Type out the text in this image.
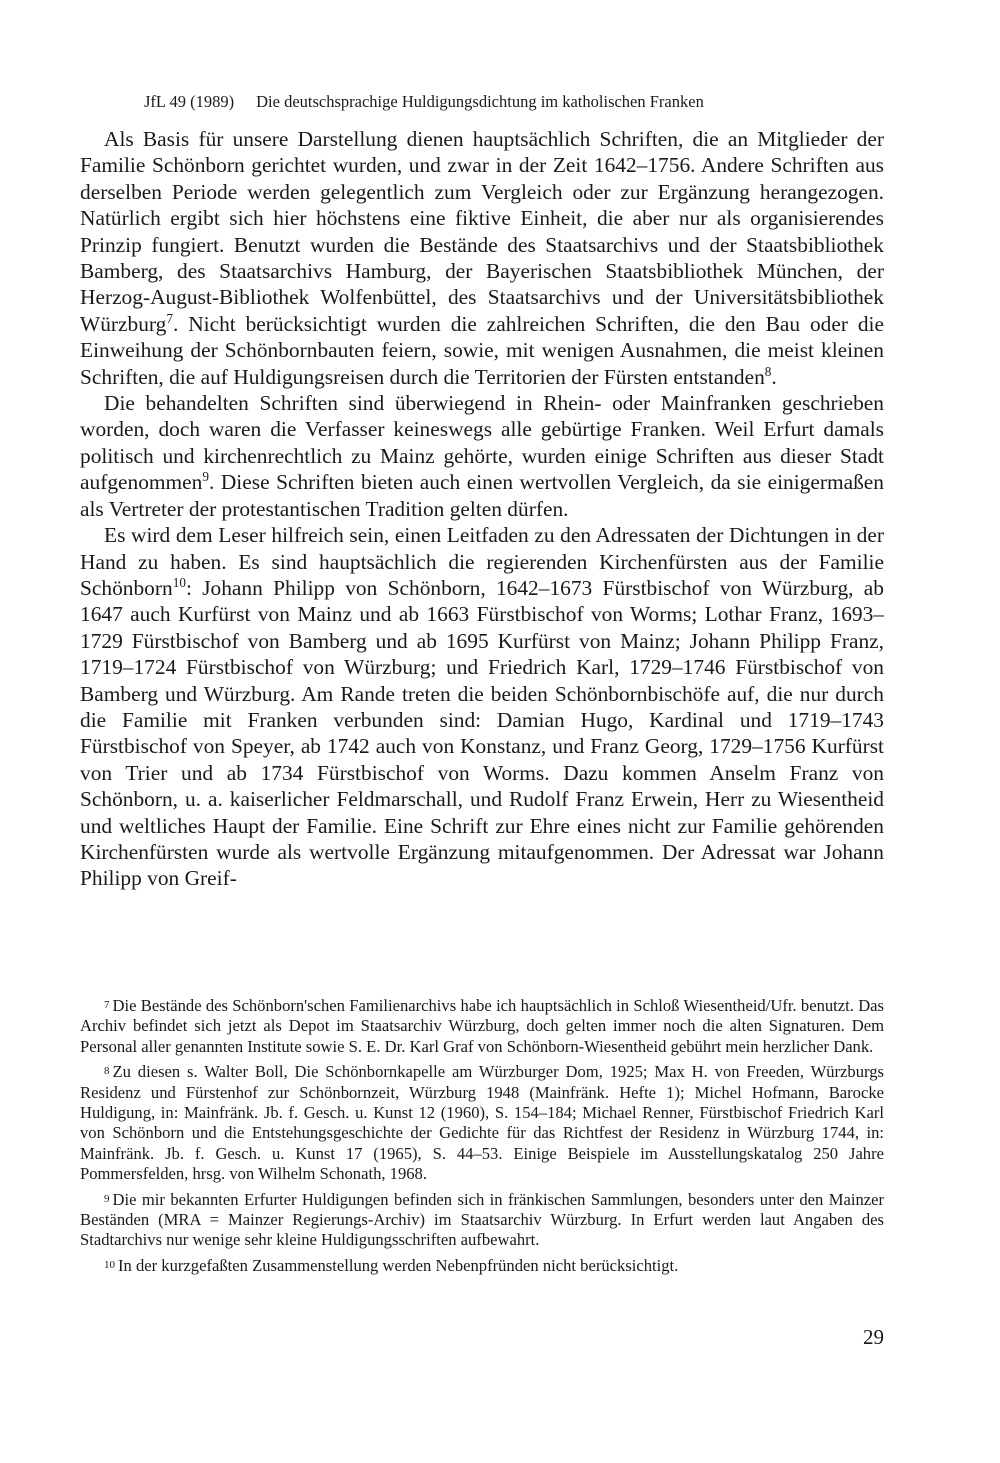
JfL 49 (1989) Die deutschsprachige Huldigungsdichtung im katholischen Franken

Als Basis für unsere Darstellung dienen hauptsächlich Schriften, die an Mitglieder der Familie Schönborn gerichtet wurden, und zwar in der Zeit 1642–1756. Andere Schriften aus derselben Periode werden gelegentlich zum Vergleich oder zur Ergänzung herangezogen. Natürlich ergibt sich hier höchstens eine fiktive Einheit, die aber nur als organisierendes Prinzip fungiert. Benutzt wurden die Bestände des Staatsarchivs und der Staatsbibliothek Bamberg, des Staatsarchivs Hamburg, der Bayerischen Staatsbibliothek München, der Herzog-August-Bibliothek Wolfenbüttel, des Staatsarchivs und der Universitätsbibliothek Würzburg$^7$. Nicht berücksichtigt wurden die zahlreichen Schriften, die den Bau oder die Einweihung der Schönbornbauten feiern, sowie, mit wenigen Ausnahmen, die meist kleinen Schriften, die auf Huldigungsreisen durch die Territorien der Fürsten entstanden$^8$.

Die behandelten Schriften sind überwiegend in Rhein- oder Mainfranken geschrieben worden, doch waren die Verfasser keineswegs alle gebürtige Franken. Weil Erfurt damals politisch und kirchenrechtlich zu Mainz gehörte, wurden einige Schriften aus dieser Stadt aufgenommen$^9$. Diese Schriften bieten auch einen wertvollen Vergleich, da sie einigermaßen als Vertreter der protestantischen Tradition gelten dürfen.

Es wird dem Leser hilfreich sein, einen Leitfaden zu den Adressaten der Dichtungen in der Hand zu haben. Es sind hauptsächlich die regierenden Kirchenfürsten aus der Familie Schönborn$^{10}$: Johann Philipp von Schönborn, 1642–1673 Fürstbischof von Würzburg, ab 1647 auch Kurfürst von Mainz und ab 1663 Fürstbischof von Worms; Lothar Franz, 1693–1729 Fürstbischof von Bamberg und ab 1695 Kurfürst von Mainz; Johann Philipp Franz, 1719–1724 Fürstbischof von Würzburg; und Friedrich Karl, 1729–1746 Fürstbischof von Bamberg und Würzburg. Am Rande treten die beiden Schönbornbischöfe auf, die nur durch die Familie mit Franken verbunden sind: Damian Hugo, Kardinal und 1719–1743 Fürstbischof von Speyer, ab 1742 auch von Konstanz, und Franz Georg, 1729–1756 Kurfürst von Trier und ab 1734 Fürstbischof von Worms. Dazu kommen Anselm Franz von Schönborn, u. a. kaiserlicher Feldmarschall, und Rudolf Franz Erwein, Herr zu Wiesentheid und weltliches Haupt der Familie. Eine Schrift zur Ehre eines nicht zur Familie gehörenden Kirchenfürsten wurde als wertvolle Ergänzung mitaufgenommen. Der Adressat war Johann Philipp von Greif-

7 Die Bestände des Schönborn'schen Familienarchivs habe ich hauptsächlich in Schloß Wiesentheid/Ufr. benutzt. Das Archiv befindet sich jetzt als Depot im Staatsarchiv Würzburg, doch gelten immer noch die alten Signaturen. Dem Personal aller genannten Institute sowie S. E. Dr. Karl Graf von Schönborn-Wiesentheid gebührt mein herzlicher Dank.

8 Zu diesen s. Walter Boll, Die Schönbornkapelle am Würzburger Dom, 1925; Max H. von Freeden, Würzburgs Residenz und Fürstenhof zur Schönbornzeit, Würzburg 1948 (Mainfränk. Hefte 1); Michel Hofmann, Barocke Huldigung, in: Mainfränk. Jb. f. Gesch. u. Kunst 12 (1960), S. 154–184; Michael Renner, Fürstbischof Friedrich Karl von Schönborn und die Entstehungsgeschichte der Gedichte für das Richtfest der Residenz in Würzburg 1744, in: Mainfränk. Jb. f. Gesch. u. Kunst 17 (1965), S. 44–53. Einige Beispiele im Ausstellungskatalog 250 Jahre Pommersfelden, hrsg. von Wilhelm Schonath, 1968.

9 Die mir bekannten Erfurter Huldigungen befinden sich in fränkischen Sammlungen, besonders unter den Mainzer Beständen (MRA = Mainzer Regierungs-Archiv) im Staatsarchiv Würzburg. In Erfurt werden laut Angaben des Stadtarchivs nur wenige sehr kleine Huldigungsschriften aufbewahrt.

10 In der kurzgefaßten Zusammenstellung werden Nebenpfründen nicht berücksichtigt.

29
